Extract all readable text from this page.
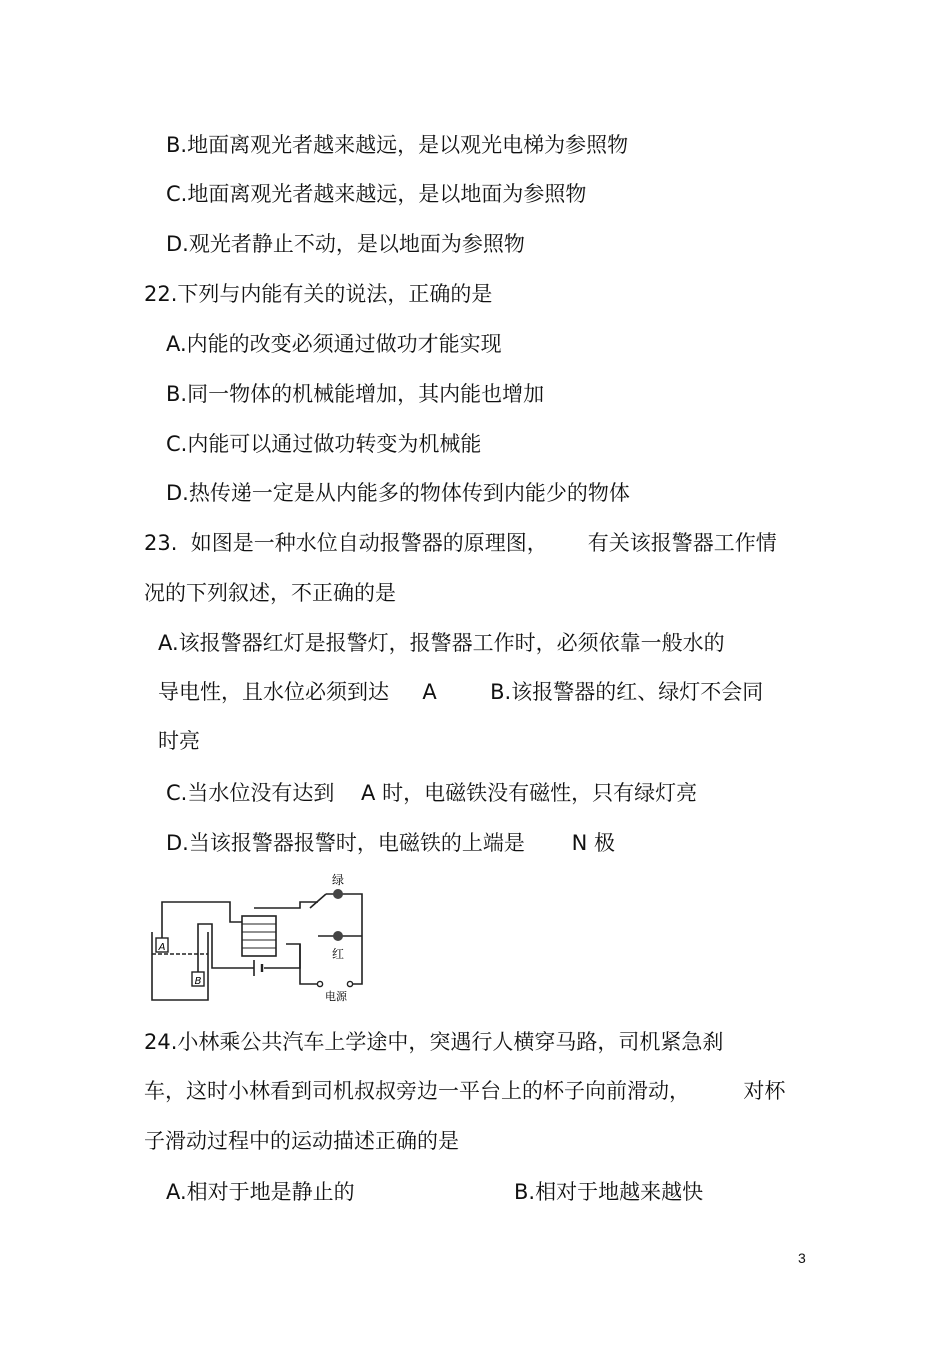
B.地面离观光者越来越远，是以观光电梯为参照物
C.地面离观光者越来越远，是以地面为参照物
D.观光者静止不动，是以地面为参照物
22.下列与内能有关的说法，正确的是
A.内能的改变必须通过做功才能实现
B.同一物体的机械能增加，其内能也增加
C.内能可以通过做功转变为机械能
D.热传递一定是从内能多的物体传到内能少的物体
23.  如图是一种水位自动报警器的原理图，      有关该报警器工作情
况的下列叙述，不正确的是
A.该报警器红灯是报警灯，报警器工作时，必须依靠一般水的
导电性，且水位必须到达     A        B.该报警器的红、绿灯不会同
时亮
C.当水位没有达到    A 时，电磁铁没有磁性，只有绿灯亮
D.当该报警器报警时，电磁铁的上端是       N 极
A
B
绿
红
电源
24.小林乘公共汽车上学途中，突遇行人横穿马路，司机紧急刹
车，这时小林看到司机叔叔旁边一平台上的杯子向前滑动，        对杯
子滑动过程中的运动描述正确的是
A.相对于地是静止的	B.相对于地越来越快
3
